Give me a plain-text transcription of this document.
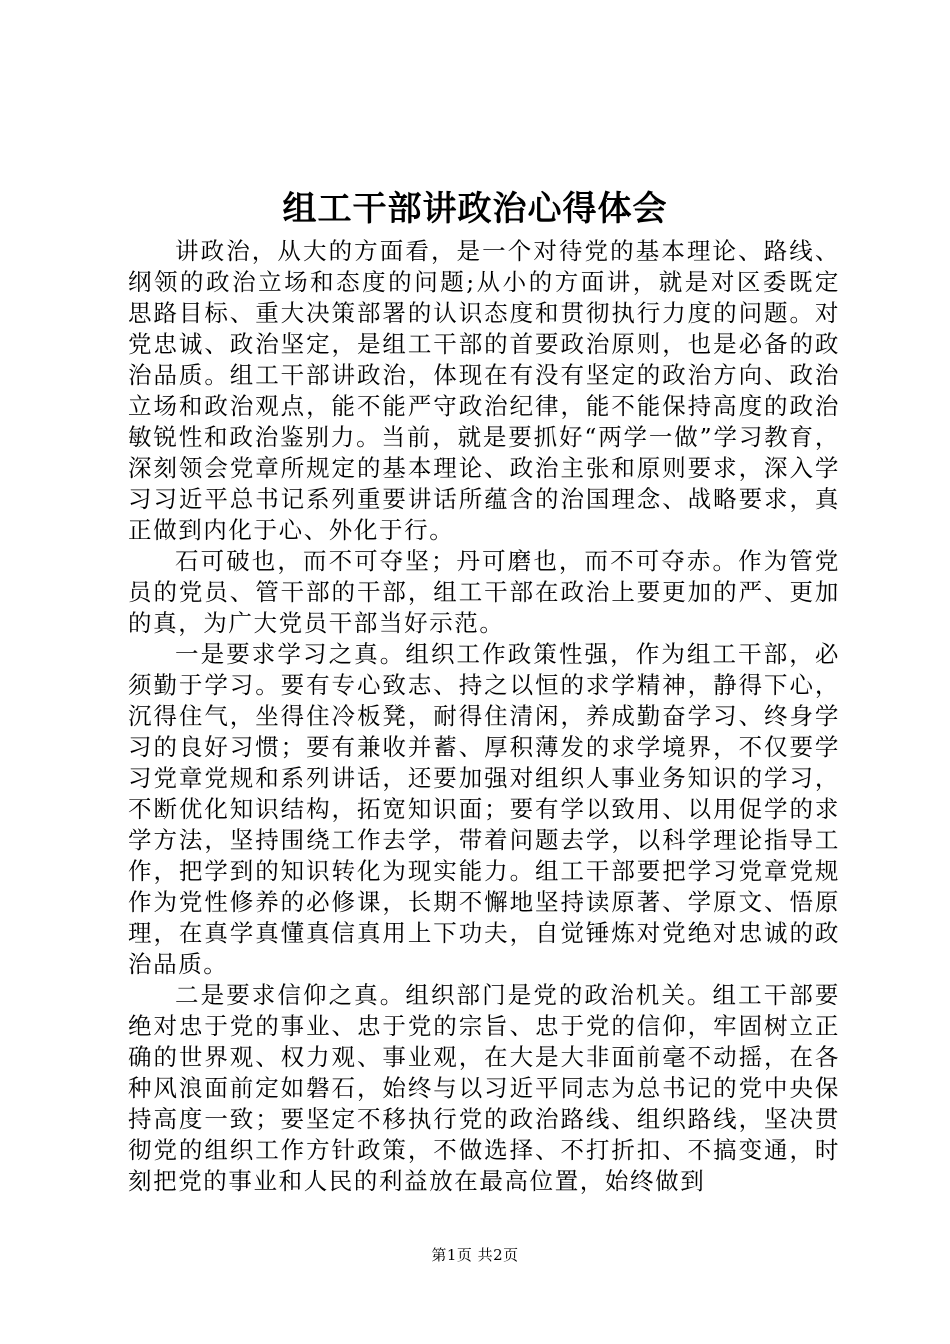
组工干部讲政治心得体会

讲政治，从大的方面看，是一个对待党的基本理论、路线、纲领的政治立场和态度的问题;从小的方面讲，就是对区委既定思路目标、重大决策部署的认识态度和贯彻执行力度的问题。对党忠诚、政治坚定，是组工干部的首要政治原则，也是必备的政治品质。组工干部讲政治，体现在有没有坚定的政治方向、政治立场和政治观点，能不能严守政治纪律，能不能保持高度的政治敏锐性和政治鉴别力。当前，就是要抓好“两学一做”学习教育，深刻领会党章所规定的基本理论、政治主张和原则要求，深入学习习近平总书记系列重要讲话所蕴含的治国理念、战略要求，真正做到内化于心、外化于行。

石可破也，而不可夺坚；丹可磨也，而不可夺赤。作为管党员的党员、管干部的干部，组工干部在政治上要更加的严、更加的真，为广大党员干部当好示范。

一是要求学习之真。组织工作政策性强，作为组工干部，必须勤于学习。要有专心致志、持之以恒的求学精神，静得下心，沉得住气，坐得住冷板凳，耐得住清闲，养成勤奋学习、终身学习的良好习惯；要有兼收并蓄、厚积薄发的求学境界，不仅要学习党章党规和系列讲话，还要加强对组织人事业务知识的学习，不断优化知识结构，拓宽知识面；要有学以致用、以用促学的求学方法，坚持围绕工作去学，带着问题去学，以科学理论指导工作，把学到的知识转化为现实能力。组工干部要把学习党章党规作为党性修养的必修课，长期不懈地坚持读原著、学原文、悟原理，在真学真懂真信真用上下功夫，自觉锤炼对党绝对忠诚的政治品质。

二是要求信仰之真。组织部门是党的政治机关。组工干部要绝对忠于党的事业、忠于党的宗旨、忠于党的信仰，牢固树立正确的世界观、权力观、事业观，在大是大非面前毫不动摇，在各种风浪面前定如磐石，始终与以习近平同志为总书记的党中央保持高度一致；要坚定不移执行党的政治路线、组织路线，坚决贯彻党的组织工作方针政策，不做选择、不打折扣、不搞变通，时刻把党的事业和人民的利益放在最高位置，始终做到

第1页 共2页
